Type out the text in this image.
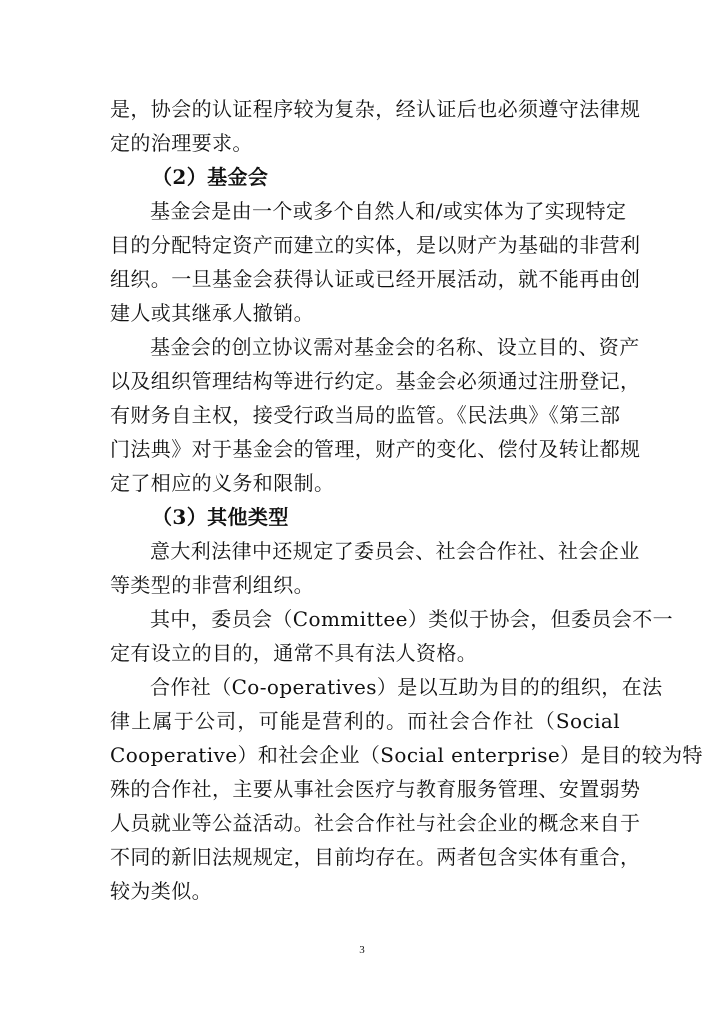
是，协会的认证程序较为复杂，经认证后也必须遵守法律规
定的治理要求。
（2）基金会
基金会是由一个或多个自然人和/或实体为了实现特定
目的分配特定资产而建立的实体，是以财产为基础的非营利
组织。一旦基金会获得认证或已经开展活动，就不能再由创
建人或其继承人撤销。
基金会的创立协议需对基金会的名称、设立目的、资产
以及组织管理结构等进行约定。基金会必须通过注册登记，
有财务自主权，接受行政当局的监管。《民法典》《第三部
门法典》对于基金会的管理，财产的变化、偿付及转让都规
定了相应的义务和限制。
（3）其他类型
意大利法律中还规定了委员会、社会合作社、社会企业
等类型的非营利组织。
其中，委员会（Committee）类似于协会，但委员会不一
定有设立的目的，通常不具有法人资格。
合作社（Co-operatives）是以互助为目的的组织，在法
律上属于公司，可能是营利的。而社会合作社（Social
Cooperative）和社会企业（Social enterprise）是目的较为特
殊的合作社，主要从事社会医疗与教育服务管理、安置弱势
人员就业等公益活动。社会合作社与社会企业的概念来自于
不同的新旧法规规定，目前均存在。两者包含实体有重合，
较为类似。
3
